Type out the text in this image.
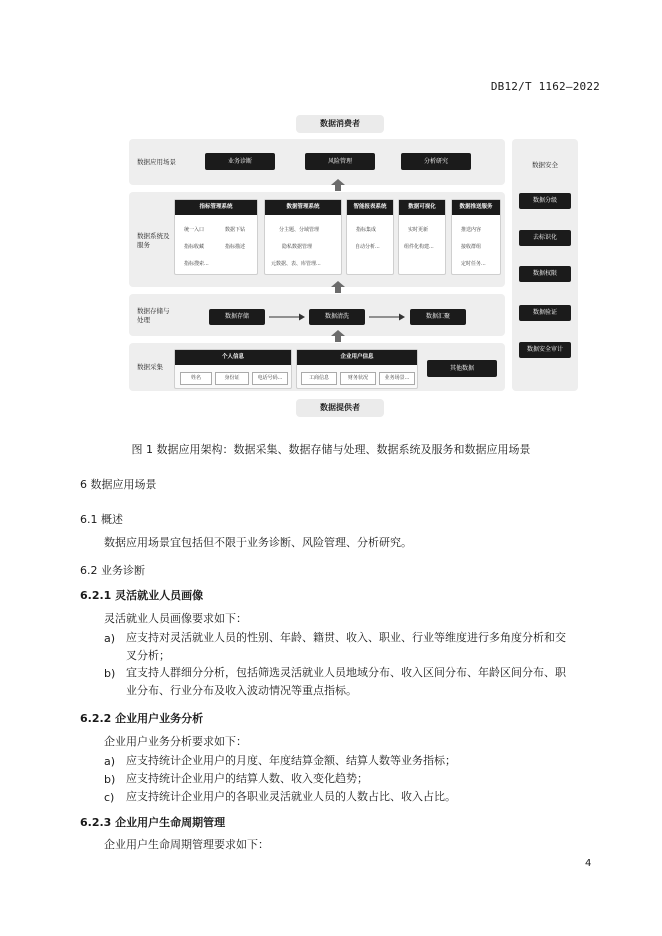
DB12/T 1162—2022
数据消费者
数据应用场景	业务诊断	风险管理	分析研究
数据系统及服务
指标管理系统
统一入口	数据下钻
指标收藏	指标描述
指标搜索...
数据管理系统
分主题、分域管理
隐私数据管理
元数据、表、库管理...
智能报表系统
指标集成
自动分析...
数据可视化
实时更新
组件化构建...
数据推送服务
推送内容
接收群组
定时任务...
数据存储与处理	数据存储	数据清洗	数据汇聚
数据采集
个人信息
姓名	身份证	电话号码...
企业用户信息
工商信息	财务状况	业务场景...
其他数据
数据安全
数据分级
去标识化
数据权限
数据验证
数据安全审计
数据提供者
图 1 数据应用架构：数据采集、数据存储与处理、数据系统及服务和数据应用场景
6 数据应用场景
6.1 概述
数据应用场景宜包括但不限于业务诊断、风险管理、分析研究。
6.2 业务诊断
6.2.1 灵活就业人员画像
灵活就业人员画像要求如下：
a) 应支持对灵活就业人员的性别、年龄、籍贯、收入、职业、行业等维度进行多角度分析和交
叉分析；
b) 宜支持人群细分分析，包括筛选灵活就业人员地域分布、收入区间分布、年龄区间分布、职
业分布、行业分布及收入波动情况等重点指标。
6.2.2 企业用户业务分析
企业用户业务分析要求如下：
a) 应支持统计企业用户的月度、年度结算金额、结算人数等业务指标；
b) 应支持统计企业用户的结算人数、收入变化趋势；
c) 应支持统计企业用户的各职业灵活就业人员的人数占比、收入占比。
6.2.3 企业用户生命周期管理
企业用户生命周期管理要求如下：
4
